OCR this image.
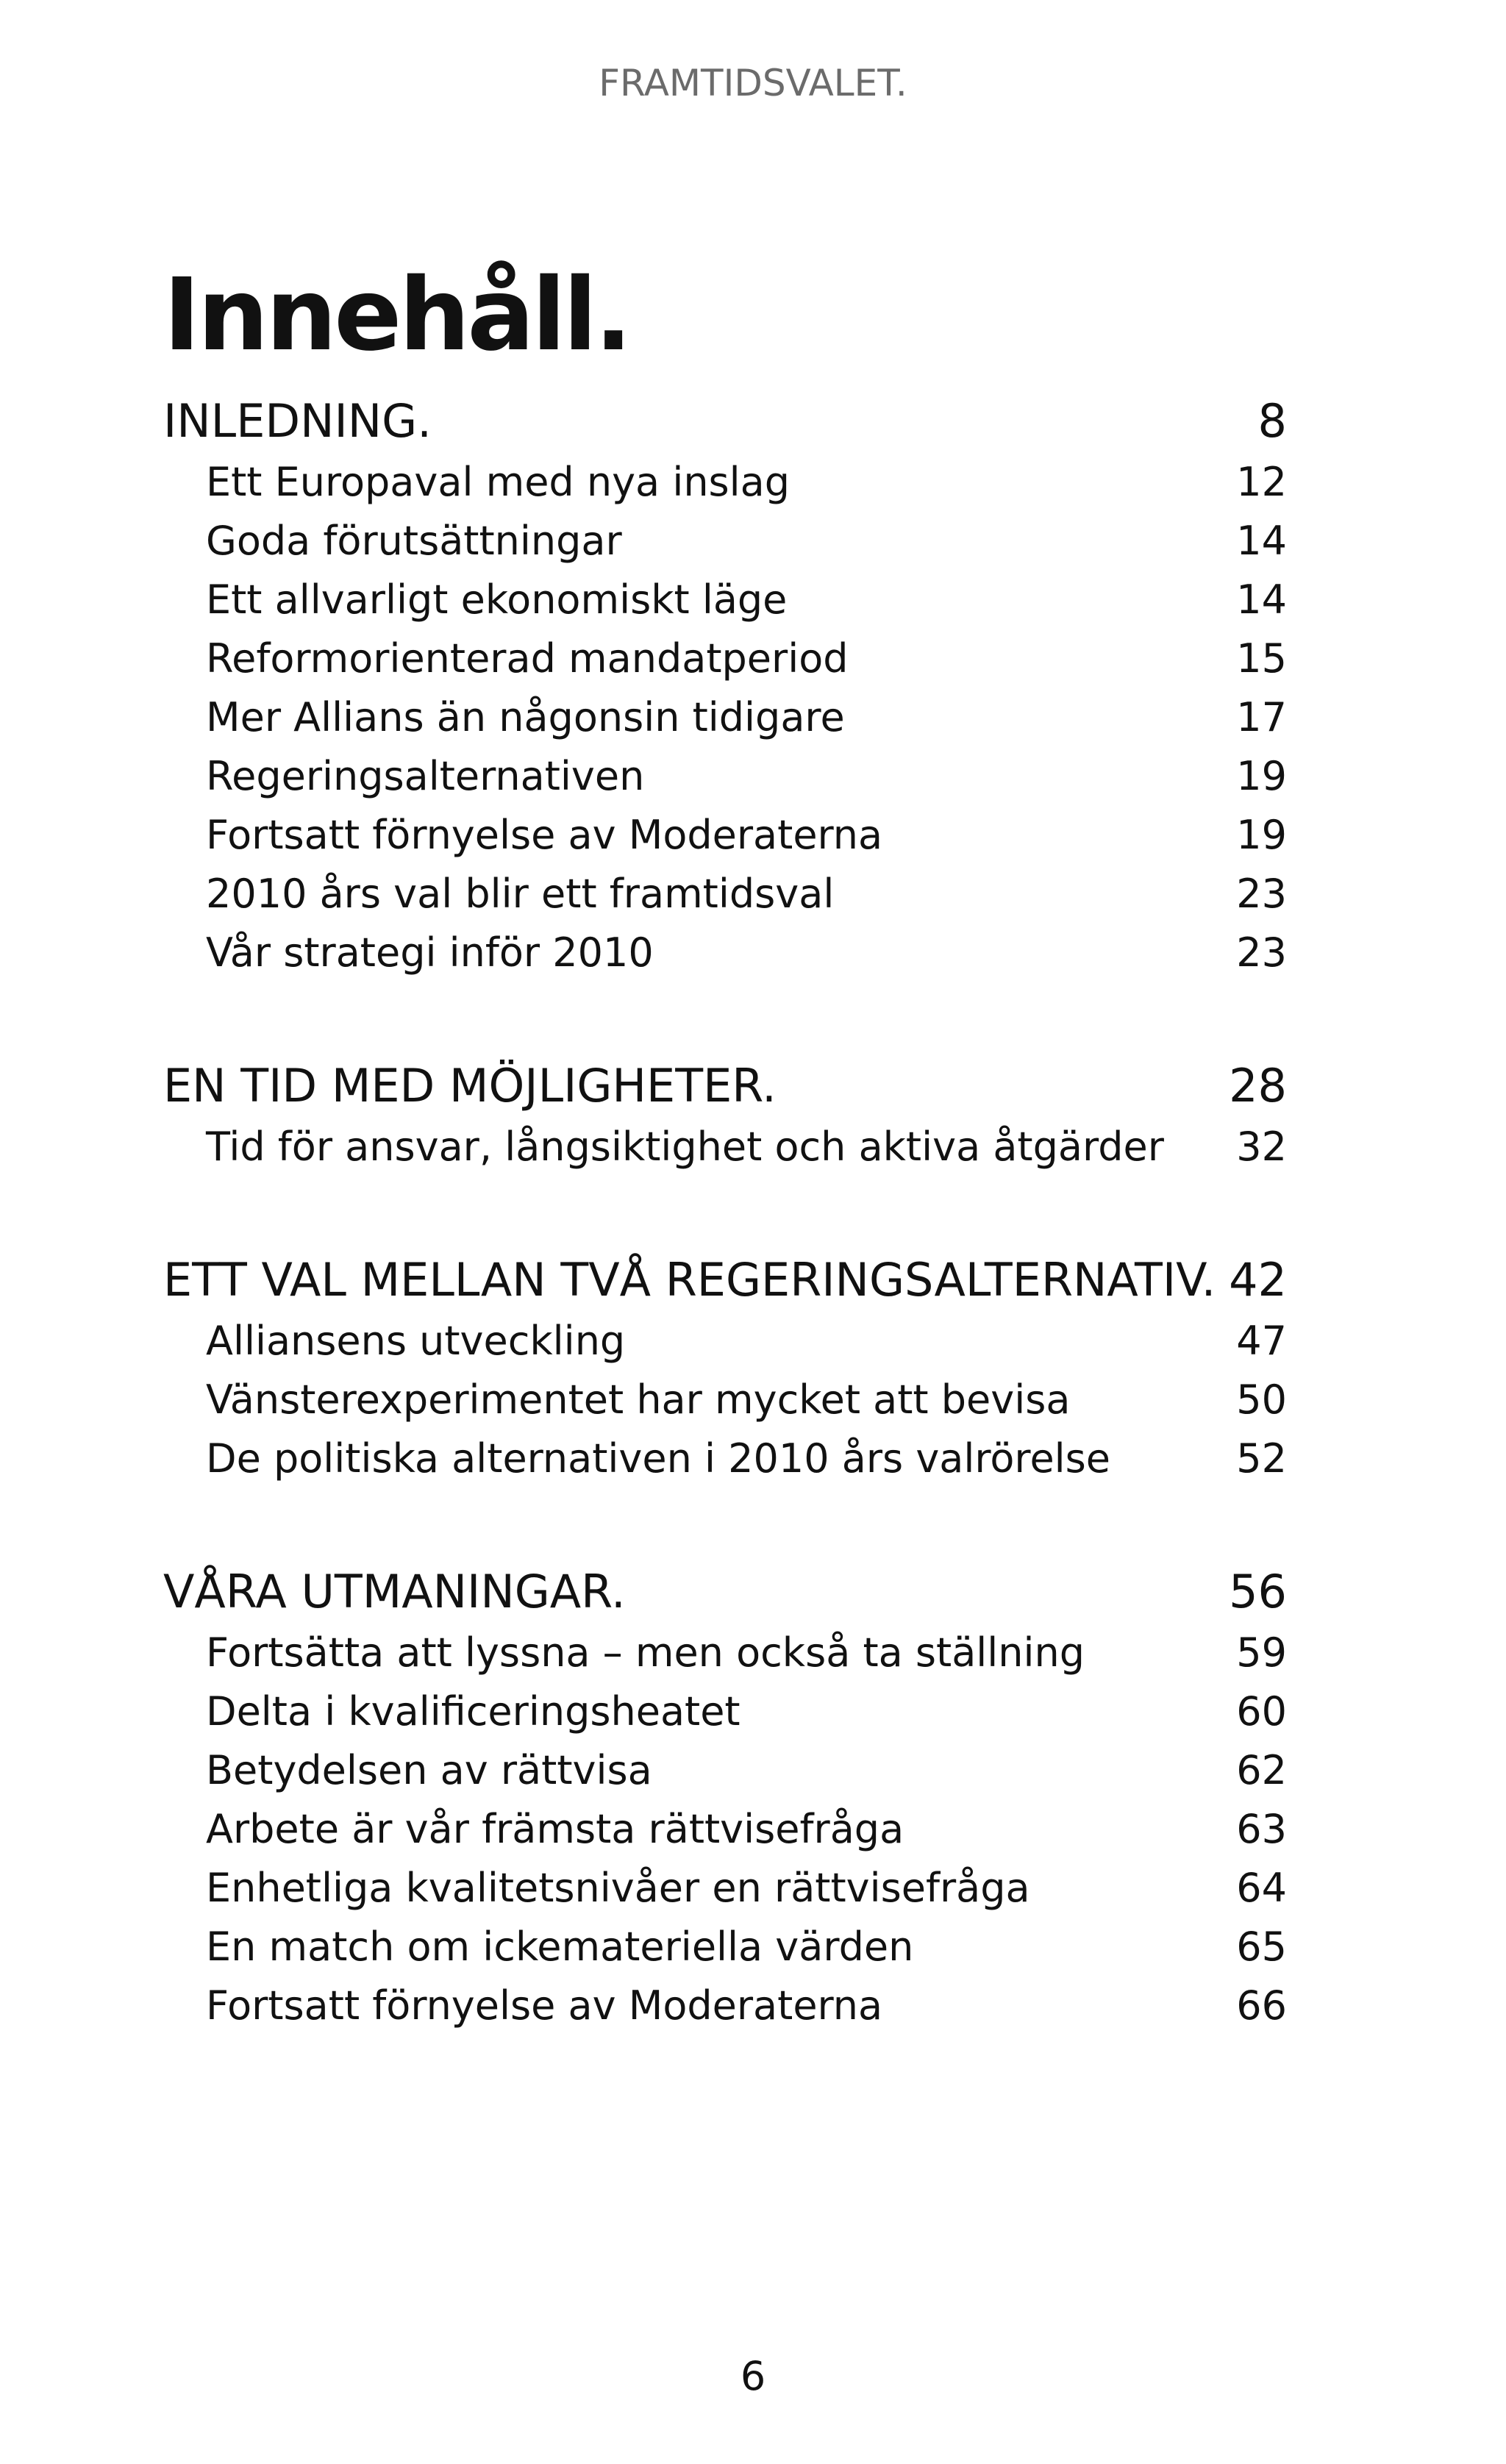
FRAMTIDSVALET.
Innehåll.
INLEDNING.	8
Ett Europaval med nya inslag	12
Goda förutsättningar	14
Ett allvarligt ekonomiskt läge	14
Reformorienterad mandatperiod	15
Mer Allians än någonsin tidigare	17
Regeringsalternativen	19
Fortsatt förnyelse av Moderaterna	19
2010 års val blir ett framtidsval	23
Vår strategi inför 2010	23
EN TID MED MÖJLIGHETER.	28
Tid för ansvar, långsiktighet och aktiva åtgärder 32
ETT VAL MELLAN TVÅ REGERINGSALTERNATIV. 42
Alliansens utveckling	47
Vänsterexperimentet har mycket att bevisa	50
De politiska alternativen i 2010 års valrörelse	52
VÅRA UTMANINGAR.	56
Fortsätta att lyssna – men också ta ställning	59
Delta i kvalificeringsheatet	60
Betydelsen av rättvisa	62
Arbete är vår främsta rättvisefråga	63
Enhetliga kvalitetsnivåer en rättvisefråga	64
En match om ickemateriella värden	65
Fortsatt förnyelse av Moderaterna	66
6
